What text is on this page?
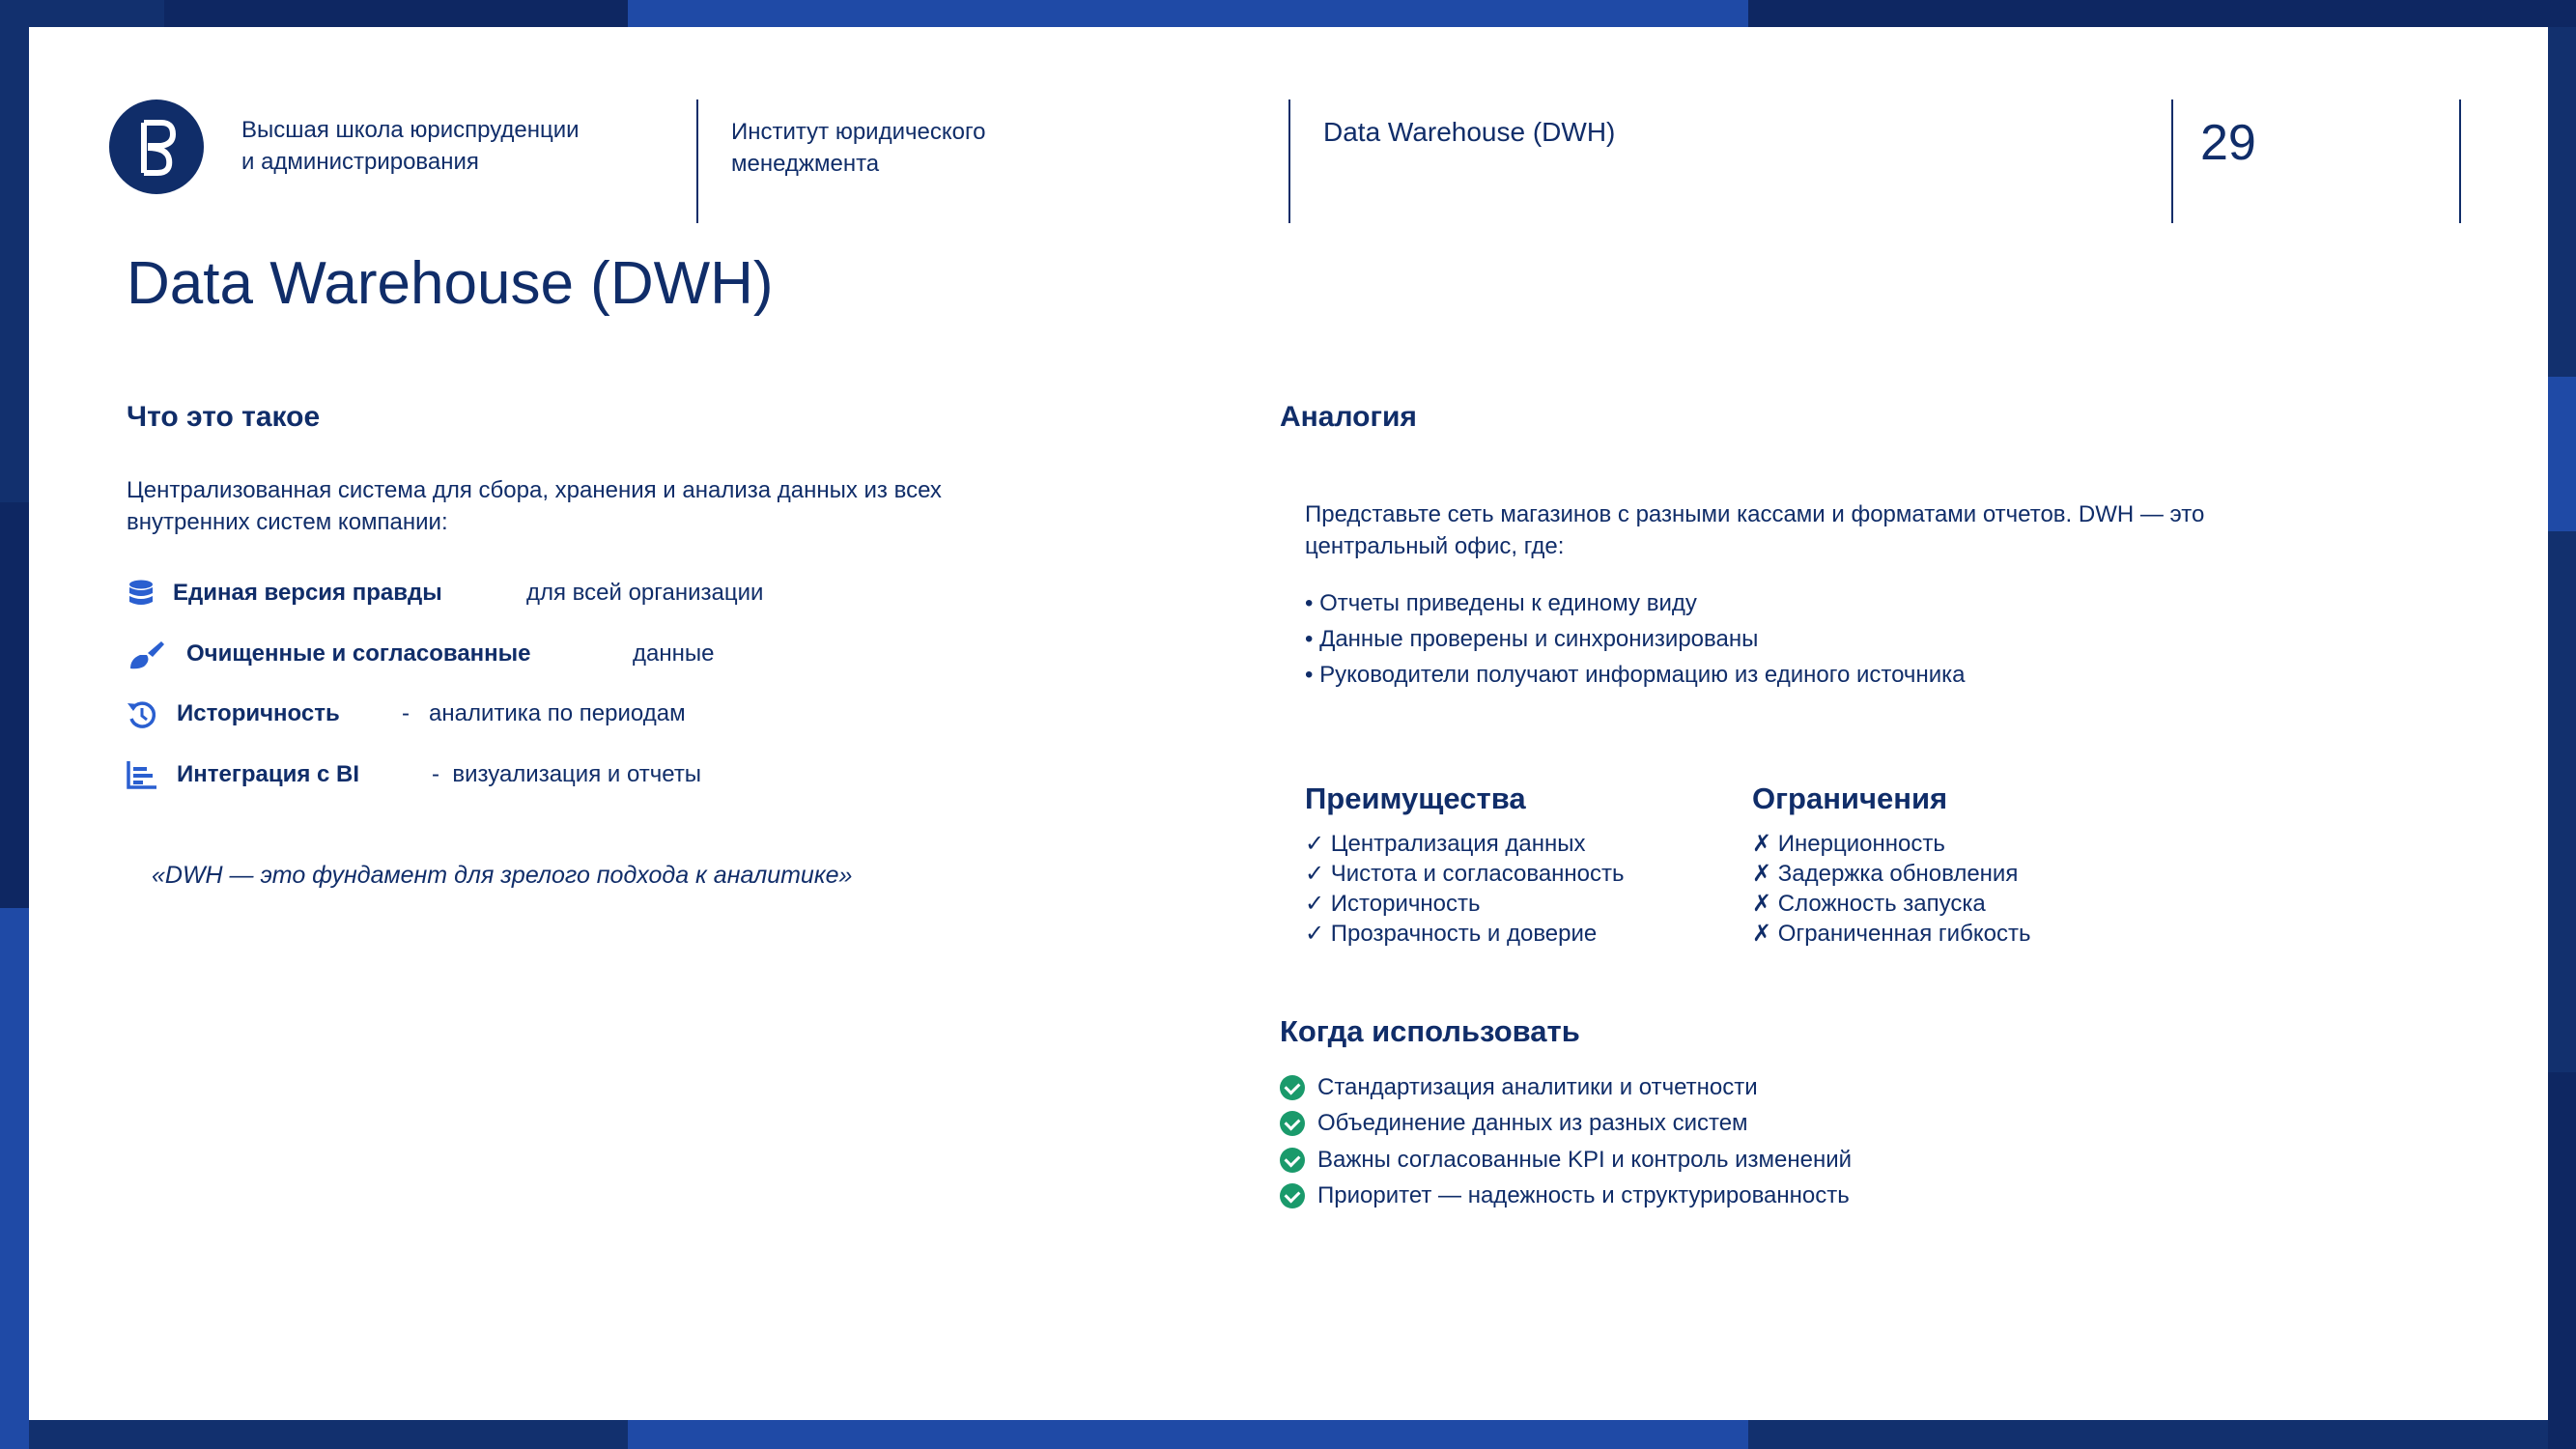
Высшая школа юриспруденции
и администрирования
Институт юридического
менеджмента
Data Warehouse (DWH)	29
Data Warehouse (DWH)
Что это такое
Централизованная система для сбора, хранения и анализа данных из всех
внутренних систем компании:
Единая версия правды	для всей организации
Очищенные и согласованные	данные
Историчность	-   аналитика по периодам
Интеграция с BI	-  визуализация и отчеты
«DWH — это фундамент для зрелого подхода к аналитике»
Аналогия
Представьте сеть магазинов с разными кассами и форматами отчетов. DWH — это
центральный офис, где:
• Отчеты приведены к единому виду
• Данные проверены и синхронизированы
• Руководители получают информацию из единого источника
Преимущества
✓ Централизация данных
✓ Чистота и согласованность
✓ Историчность
✓ Прозрачность и доверие
Ограничения
✗ Инерционность
✗ Задержка обновления
✗ Сложность запуска
✗ Ограниченная гибкость
Когда использовать
Стандартизация аналитики и отчетности
Объединение данных из разных систем
Важны согласованные KPI и контроль изменений
Приоритет — надежность и структурированность
